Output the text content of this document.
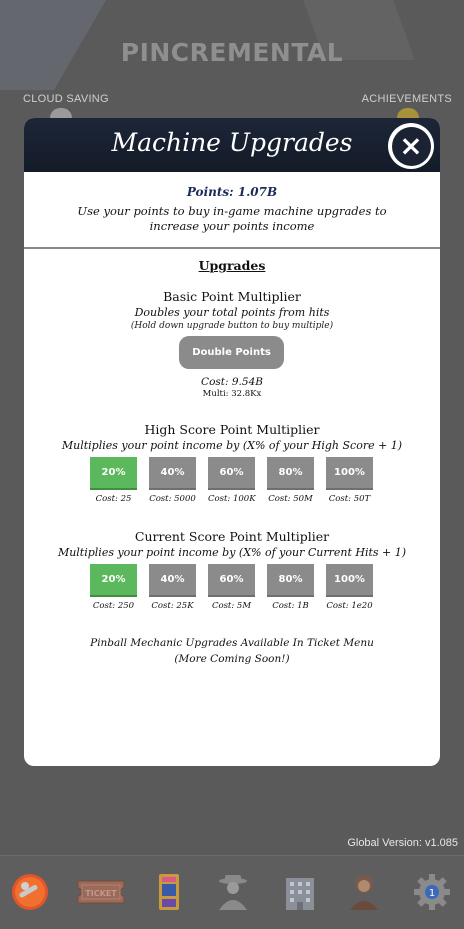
PINCREMENTAL
CLOUD SAVING	ACHIEVEMENTS
Global Version: v1.085
Machine Upgrades	×
Points: 1.07B
Use your points to buy in-game machine upgrades to increase your points income
Upgrades
Basic Point Multiplier
Doubles your total points from hits
(Hold down upgrade button to buy multiple)
Double Points
Cost: 9.54B
Multi: 32.8Kx
High Score Point Multiplier
Multiplies your point income by (X% of your High Score + 1)
20%
Cost: 25
40%
Cost: 5000
60%
Cost: 100K
80%
Cost: 50M
100%
Cost: 50T
Current Score Point Multiplier
Multiplies your point income by (X% of your Current Hits + 1)
20%
Cost: 250
40%
Cost: 25K
60%
Cost: 5M
80%
Cost: 1B
100%
Cost: 1e20
Pinball Mechanic Upgrades Available In Ticket Menu
(More Coming Soon!)
TICKET	1
